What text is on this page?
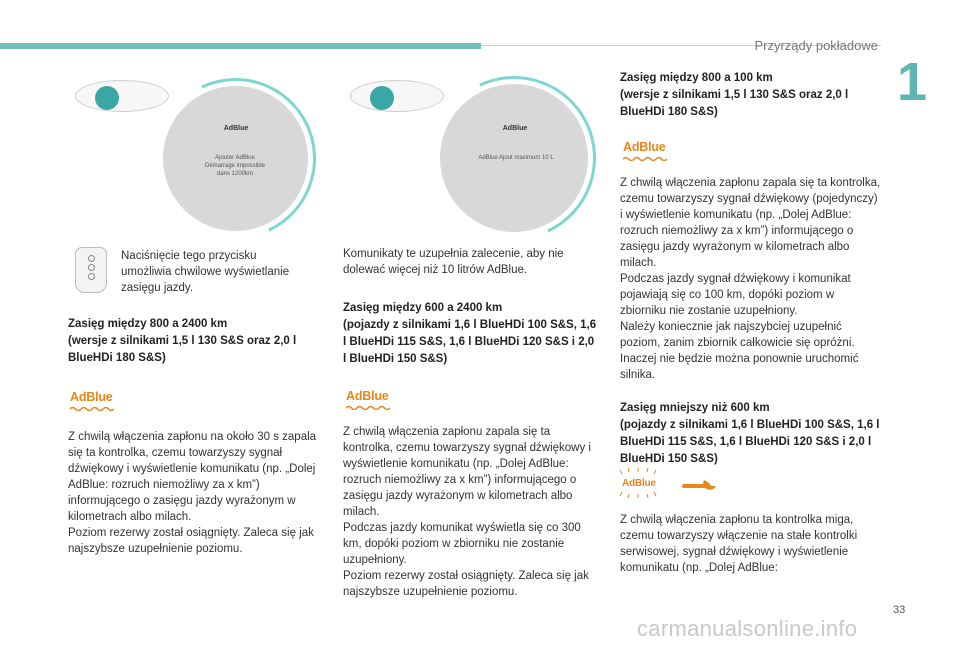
Przyrządy pokładowe
1
AdBlue
Ajouter AdBlue Démarrage impossible dans 1200km
AdBlue
AdBlue Ajout maximum 10 L

Naciśnięcie tego przycisku umożliwia chwilowe wyświetlanie zasięgu jazdy.

Zasięg między 800 a 2400 km
(wersje z silnikami 1,5 l 130 S&S oraz 2,0 l BlueHDi 180 S&S)

AdBlue

Z chwilą włączenia zapłonu na około 30 s zapala się ta kontrolka, czemu towarzyszy sygnał dźwiękowy i wyświetlenie komunikatu (np. „Dolej AdBlue: rozruch niemożliwy za x km”) informującego o zasięgu jazdy wyrażonym w kilometrach albo milach.
Poziom rezerwy został osiągnięty. Zaleca się jak najszybsze uzupełnienie poziomu.

Komunikaty te uzupełnia zalecenie, aby nie dolewać więcej niż 10 litrów AdBlue.

Zasięg między 600 a 2400 km
(pojazdy z silnikami 1,6 l BlueHDi 100 S&S, 1,6 l BlueHDi 115 S&S, 1,6 l BlueHDi 120 S&S i 2,0 l BlueHDi 150 S&S)

AdBlue

Z chwilą włączenia zapłonu zapala się ta kontrolka, czemu towarzyszy sygnał dźwiękowy i wyświetlenie komunikatu (np. „Dolej AdBlue: rozruch niemożliwy za x km”) informującego o zasięgu jazdy wyrażonym w kilometrach albo milach.
Podczas jazdy komunikat wyświetla się co 300 km, dopóki poziom w zbiorniku nie zostanie uzupełniony.
Poziom rezerwy został osiągnięty. Zaleca się jak najszybsze uzupełnienie poziomu.

Zasięg między 800 a 100 km
(wersje z silnikami 1,5 l 130 S&S oraz 2,0 l BlueHDi 180 S&S)

AdBlue

Z chwilą włączenia zapłonu zapala się ta kontrolka, czemu towarzyszy sygnał dźwiękowy (pojedynczy) i wyświetlenie komunikatu (np. „Dolej AdBlue: rozruch niemożliwy za x km”) informującego o zasięgu jazdy wyrażonym w kilometrach albo milach.
Podczas jazdy sygnał dźwiękowy i komunikat pojawiają się co 100 km, dopóki poziom w zbiorniku nie zostanie uzupełniony.
Należy koniecznie jak najszybciej uzupełnić poziom, zanim zbiornik całkowicie się opróżni. Inaczej nie będzie można ponownie uruchomić silnika.

Zasięg mniejszy niż 600 km
(pojazdy z silnikami 1,6 l BlueHDi 100 S&S, 1,6 l BlueHDi 115 S&S, 1,6 l BlueHDi 120 S&S i 2,0 l BlueHDi 150 S&S)

AdBlue

Z chwilą włączenia zapłonu ta kontrolka miga, czemu towarzyszy włączenie na stałe kontrolki serwisowej, sygnał dźwiękowy i wyświetlenie komunikatu (np. „Dolej AdBlue:

33
carmanualsonline.info
